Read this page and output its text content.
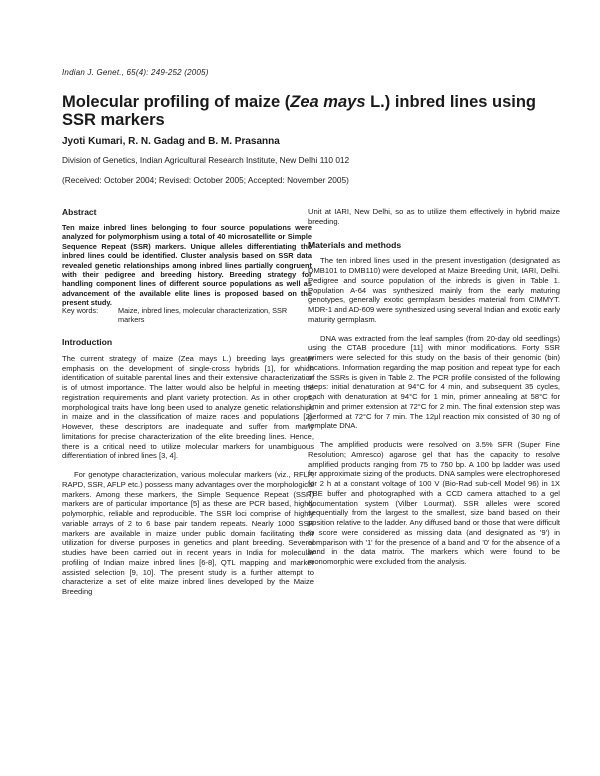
Indian J. Genet., 65(4): 249-252 (2005)
Molecular profiling of maize (Zea mays L.) inbred lines using SSR markers
Jyoti Kumari, R. N. Gadag and B. M. Prasanna
Division of Genetics, Indian Agricultural Research Institute, New Delhi 110 012
(Received: October 2004; Revised: October 2005; Accepted: November 2005)
Abstract
Ten maize inbred lines belonging to four source populations were analyzed for polymorphism using a total of 40 microsatellite or Simple Sequence Repeat (SSR) markers. Unique alleles differentiating the inbred lines could be identified. Cluster analysis based on SSR data revealed genetic relationships among inbred lines partially congruent with their pedigree and breeding history. Breeding strategy for handling component lines of different source populations as well as advancement of the available elite lines is proposed based on the present study.
Key words:	Maize, inbred lines, molecular characterization, SSR markers
Introduction

The current strategy of maize (Zea mays L.) breeding lays greater emphasis on the development of single-cross hybrids [1], for which identification of suitable parental lines and their extensive characterization is of utmost importance. The latter would also be helpful in meeting the registration requirements and plant variety protection. As in other crops, morphological traits have long been used to analyze genetic relationships in maize and in the classification of maize races and populations [2]. However, these descriptors are inadequate and suffer from many limitations for precise characterization of the elite breeding lines. Hence, there is a critical need to utilize molecular markers for unambiguous differentiation of inbred lines [3, 4].

For genotype characterization, various molecular markers (viz., RFLP, RAPD, SSR, AFLP etc.) possess many advantages over the morphological markers. Among these markers, the Simple Sequence Repeat (SSR) markers are of particular importance [5] as these are PCR based, highly polymorphic, reliable and reproducible. The SSR loci comprise of highly variable arrays of 2 to 6 base pair tandem repeats. Nearly 1000 SSR markers are available in maize under public domain facilitating their utilization for diverse purposes in genetics and plant breeding. Several studies have been carried out in recent years in India for molecular profiling of Indian maize inbred lines [6-8], QTL mapping and marker assisted selection [9, 10]. The present study is a further attempt to characterize a set of elite maize inbred lines developed by the Maize Breeding

Unit at IARI, New Delhi, so as to utilize them effectively in hybrid maize breeding.

Materials and methods

The ten inbred lines used in the present investigation (designated as DMB101 to DMB110) were developed at Maize Breeding Unit, IARI, Delhi. Pedigree and source population of the inbreds is given in Table 1. Population A-64 was synthesized mainly from the early maturing genotypes, generally exotic germplasm besides material from CIMMYT. MDR-1 and AD-609 were synthesized using several Indian and exotic early maturity germplasm.

DNA was extracted from the leaf samples (from 20-day old seedlings) using the CTAB procedure [11] with minor modifications. Forty SSR primers were selected for this study on the basis of their genomic (bin) locations. Information regarding the map position and repeat type for each of the SSRs is given in Table 2. The PCR profile consisted of the following steps: initial denaturation at 94°C for 4 min, and subsequent 35 cycles, each with denaturation at 94°C for 1 min, primer annealing at 58°C for 1min and primer extension at 72°C for 2 min. The final extension step was performed at 72°C for 7 min. The 12μl reaction mix consisted of 30 ng of template DNA.

The amplified products were resolved on 3.5% SFR (Super Fine Resolution; Amresco) agarose gel that has the capacity to resolve amplified products ranging from 75 to 750 bp. A 100 bp ladder was used for approximate sizing of the products. DNA samples were electrophoresed for 2 h at a constant voltage of 100 V (Bio-Rad sub-cell Model 96) in 1X TBE buffer and photographed with a CCD camera attached to a gel documentation system (Vilber Lourmat). SSR alleles were scored sequentially from the largest to the smallest, size band based on their position relative to the ladder. Any diffused band or those that were difficult to score were considered as missing data (and designated as '9') in comparison with '1' for the presence of a band and '0' for the absence of a band in the data matrix. The markers which were found to be monomorphic were excluded from the analysis.
